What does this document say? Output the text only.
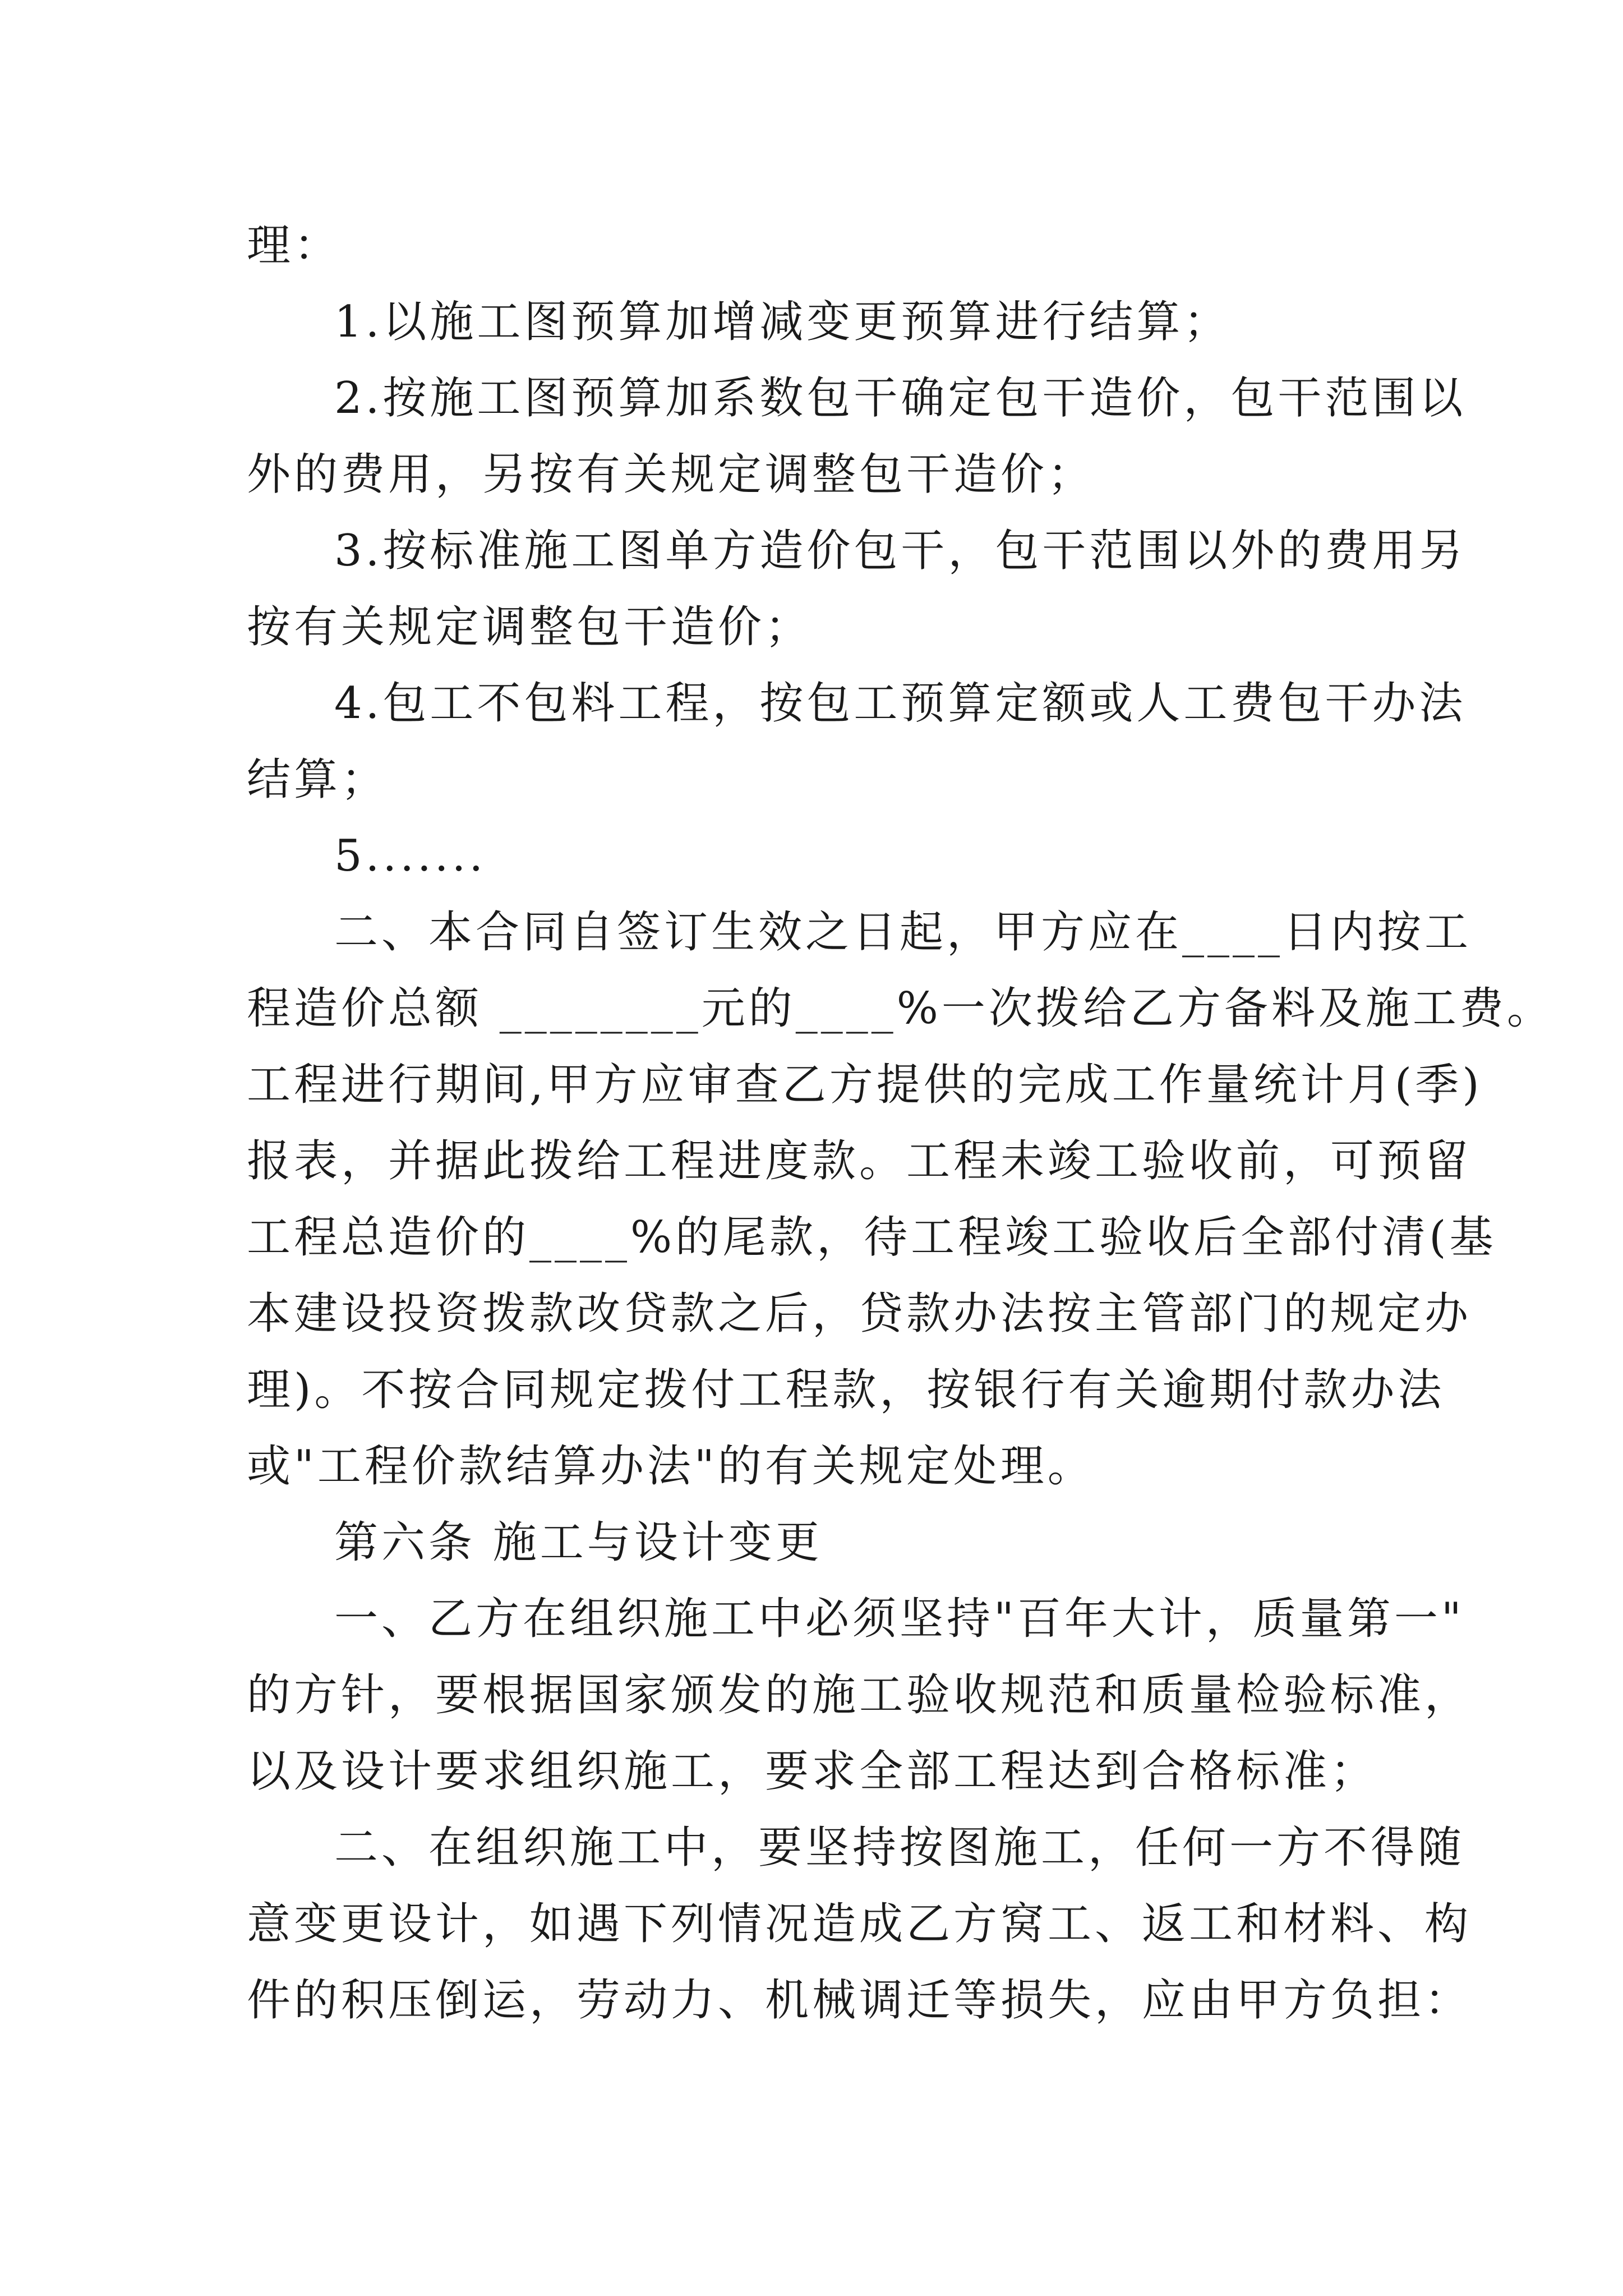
理：
1.以施工图预算加增减变更预算进行结算；
2.按施工图预算加系数包干确定包干造价，包干范围以
外的费用，另按有关规定调整包干造价；
3.按标准施工图单方造价包干，包干范围以外的费用另
按有关规定调整包干造价；
4.包工不包料工程，按包工预算定额或人工费包干办法
结算；
5.......
二、本合同自签订生效之日起，甲方应在____日内按工
程造价总额 ________元的____%一次拨给乙方备料及施工费。
工程进行期间,甲方应审查乙方提供的完成工作量统计月(季)
报表，并据此拨给工程进度款。工程未竣工验收前，可预留
工程总造价的____%的尾款，待工程竣工验收后全部付清(基
本建设投资拨款改贷款之后，贷款办法按主管部门的规定办
理)。不按合同规定拨付工程款，按银行有关逾期付款办法
或"工程价款结算办法"的有关规定处理。
第六条 施工与设计变更
一、乙方在组织施工中必须坚持"百年大计，质量第一"
的方针，要根据国家颁发的施工验收规范和质量检验标准，
以及设计要求组织施工，要求全部工程达到合格标准；
二、在组织施工中，要坚持按图施工，任何一方不得随
意变更设计，如遇下列情况造成乙方窝工、返工和材料、构
件的积压倒运，劳动力、机械调迁等损失，应由甲方负担：
